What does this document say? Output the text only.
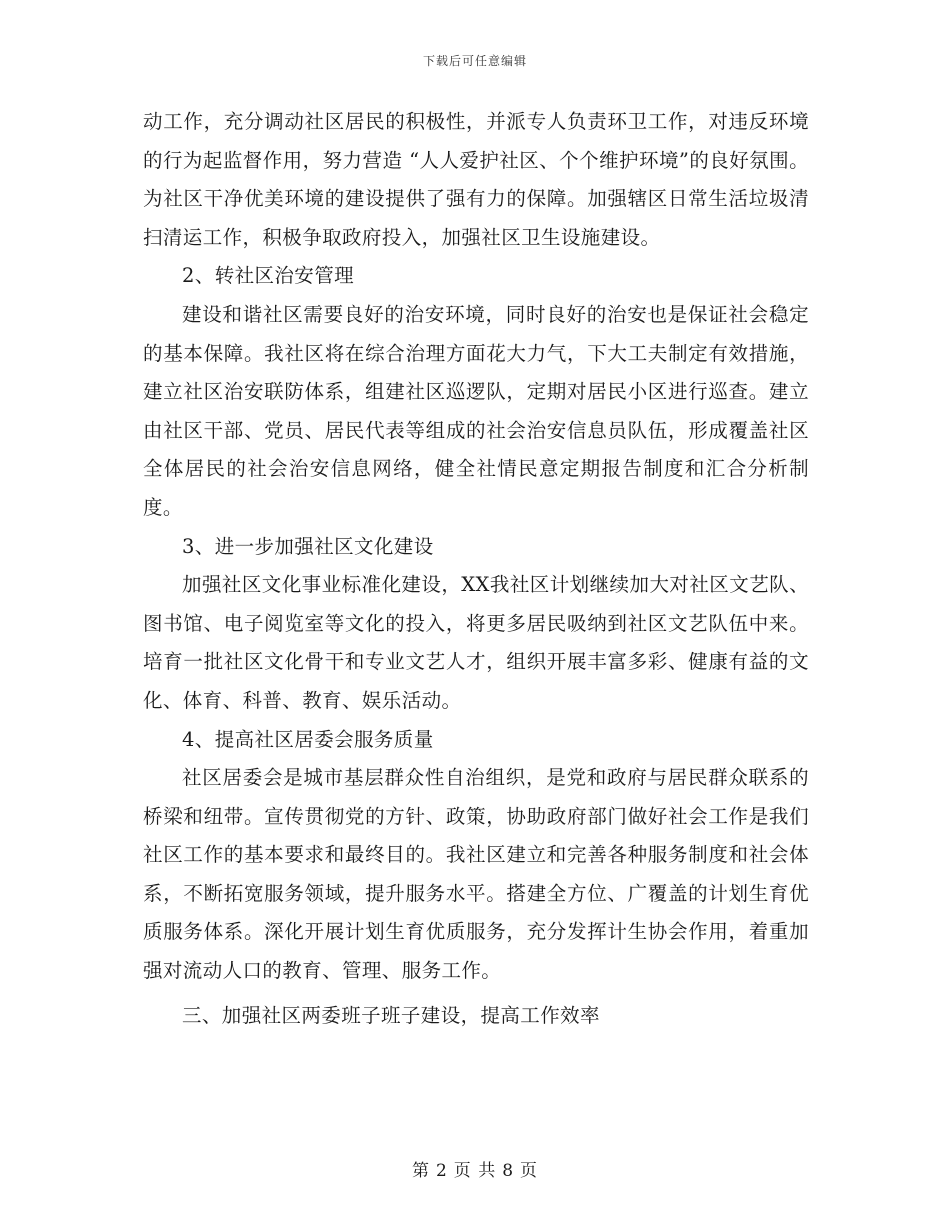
下载后可任意编辑

动工作，充分调动社区居民的积极性，并派专人负责环卫工作，对违反环境的行为起监督作用，努力营造 “人人爱护社区、个个维护环境”的良好氛围。为社区干净优美环境的建设提供了强有力的保障。加强辖区日常生活垃圾清扫清运工作，积极争取政府投入，加强社区卫生设施建设。

2、转社区治安管理

建设和谐社区需要良好的治安环境，同时良好的治安也是保证社会稳定的基本保障。我社区将在综合治理方面花大力气，下大工夫制定有效措施，建立社区治安联防体系，组建社区巡逻队，定期对居民小区进行巡查。建立由社区干部、党员、居民代表等组成的社会治安信息员队伍，形成覆盖社区全体居民的社会治安信息网络，健全社情民意定期报告制度和汇合分析制度。

3、进一步加强社区文化建设

加强社区文化事业标准化建设，XX我社区计划继续加大对社区文艺队、图书馆、电子阅览室等文化的投入，将更多居民吸纳到社区文艺队伍中来。培育一批社区文化骨干和专业文艺人才，组织开展丰富多彩、健康有益的文化、体育、科普、教育、娱乐活动。

4、提高社区居委会服务质量

社区居委会是城市基层群众性自治组织，是党和政府与居民群众联系的桥梁和纽带。宣传贯彻党的方针、政策，协助政府部门做好社会工作是我们社区工作的基本要求和最终目的。我社区建立和完善各种服务制度和社会体系，不断拓宽服务领域，提升服务水平。搭建全方位、广覆盖的计划生育优质服务体系。深化开展计划生育优质服务，充分发挥计生协会作用，着重加强对流动人口的教育、管理、服务工作。

三、加强社区两委班子班子建设，提高工作效率

第 2 页 共 8 页
